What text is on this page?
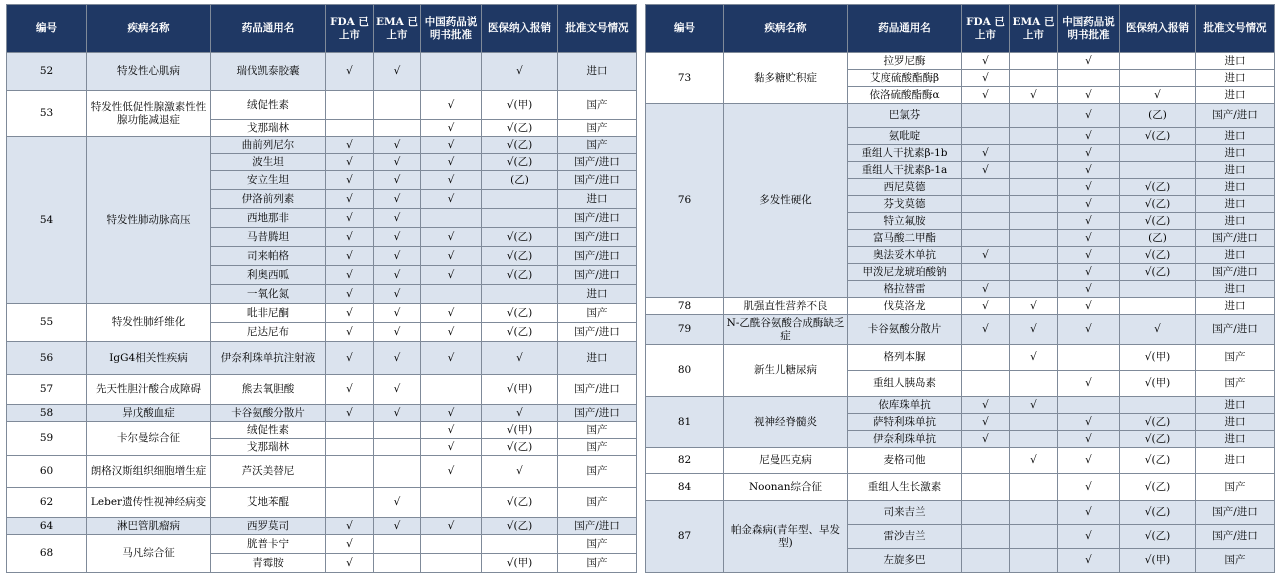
编号	疾病名称	药品通用名	FDA 已上市	EMA 已上市	中国药品说明书批准	医保纳入报销	批准文号情况
52	特发性心肌病	瑞伐凯泰胶囊	√	√		√	进口
53	特发性低促性腺激素性性腺功能减退症	绒促性素			√	√(甲)	国产
		戈那瑞林			√	√(乙)	国产
54	特发性肺动脉高压	曲前列尼尔	√	√	√	√(乙)	国产
		波生坦	√	√	√	√(乙)	国产/进口
		安立生坦	√	√	√	(乙)	国产/进口
		伊洛前列素	√	√	√		进口
		西地那非	√	√			国产/进口
		马昔腾坦	√	√	√	√(乙)	国产/进口
		司来帕格	√	√	√	√(乙)	国产/进口
		利奥西呱	√	√	√	√(乙)	国产/进口
		一氧化氮	√	√			进口
55	特发性肺纤维化	吡非尼酮	√	√	√	√(乙)	国产
		尼达尼布	√	√	√	√(乙)	国产/进口
56	IgG4相关性疾病	伊奈利珠单抗注射液	√	√	√	√	进口
57	先天性胆汁酸合成障碍	熊去氧胆酸	√	√		√(甲)	国产/进口
58	异戊酸血症	卡谷氨酸分散片	√	√	√	√	国产/进口
59	卡尔曼综合征	绒促性素			√	√(甲)	国产
		戈那瑞林			√	√(乙)	国产
60	朗格汉斯组织细胞增生症	芦沃美替尼			√	√	国产
62	Leber遗传性视神经病变	艾地苯醌		√		√(乙)	国产
64	淋巴管肌瘤病	西罗莫司	√	√	√	√(乙)	国产/进口
68	马凡综合征	胱普卡宁	√				国产
		青霉胺	√			√(甲)	国产
编号	疾病名称	药品通用名	FDA 已上市	EMA 已上市	中国药品说明书批准	医保纳入报销	批准文号情况
73	黏多糖贮积症	拉罗尼酶	√		√		进口
		艾度硫酸酯酶β	√				进口
		依洛硫酸酯酶α	√	√	√	√	进口
76	多发性硬化	巴氯芬			√	(乙)	国产/进口
		氨吡啶			√	√(乙)	进口
		重组人干扰素β-1b	√		√		进口
		重组人干扰素β-1a	√		√		进口
		西尼莫德			√	√(乙)	进口
		芬戈莫德			√	√(乙)	进口
		特立氟胺			√	√(乙)	进口
		富马酸二甲酯			√	(乙)	国产/进口
		奥法妥木单抗	√		√	√(乙)	进口
		甲泼尼龙琥珀酸钠			√	√(乙)	国产/进口
		格拉替雷	√		√		进口
78	肌强直性营养不良	伐莫洛龙	√	√	√		进口
79	N-乙酰谷氨酸合成酶缺乏症	卡谷氨酸分散片	√	√	√	√	国产/进口
80	新生儿糖尿病	格列本脲		√		√(甲)	国产
		重组人胰岛素			√	√(甲)	国产
81	视神经脊髓炎	依库珠单抗	√	√			进口
		萨特利珠单抗	√		√	√(乙)	进口
		伊奈利珠单抗	√		√	√(乙)	进口
82	尼曼匹克病	麦格司他		√	√	√(乙)	进口
84	Noonan综合征	重组人生长激素			√	√(乙)	国产
87	帕金森病(青年型、早发型)	司来吉兰			√	√(乙)	国产/进口
		雷沙吉兰			√	√(乙)	国产/进口
		左旋多巴			√	√(甲)	国产
